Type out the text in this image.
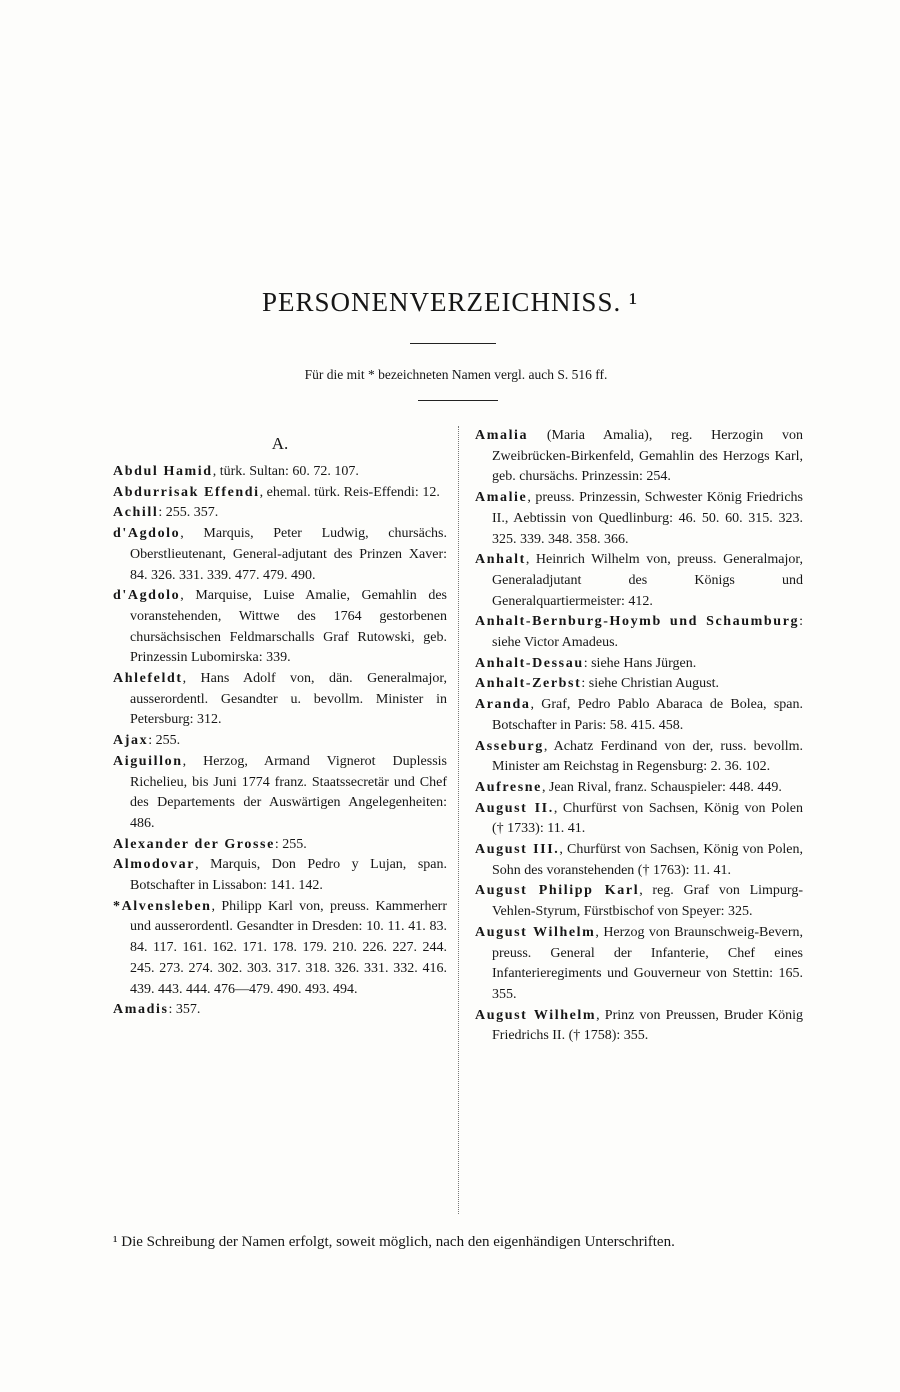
PERSONENVERZEICHNISS. ¹
Für die mit * bezeichneten Namen vergl. auch S. 516 ff.
A.

Abdul Hamid, türk. Sultan: 60. 72. 107.

Abdurrisak Effendi, ehemal. türk. Reis-Effendi: 12.

Achill: 255. 357.

d'Agdolo, Marquis, Peter Ludwig, chursächs. Oberstlieutenant, General-adjutant des Prinzen Xaver: 84. 326. 331. 339. 477. 479. 490.

d'Agdolo, Marquise, Luise Amalie, Gemahlin des voranstehenden, Wittwe des 1764 gestorbenen chursächsischen Feldmarschalls Graf Rutowski, geb. Prinzessin Lubomirska: 339.

Ahlefeldt, Hans Adolf von, dän. Generalmajor, ausserordentl. Gesandter u. bevollm. Minister in Petersburg: 312.

Ajax: 255.

Aiguillon, Herzog, Armand Vignerot Duplessis Richelieu, bis Juni 1774 franz. Staatssecretär und Chef des Departements der Auswärtigen Angelegenheiten: 486.

Alexander der Grosse: 255.

Almodovar, Marquis, Don Pedro y Lujan, span. Botschafter in Lissabon: 141. 142.

*Alvensleben, Philipp Karl von, preuss. Kammerherr und ausserordentl. Gesandter in Dresden: 10. 11. 41. 83. 84. 117. 161. 162. 171. 178. 179. 210. 226. 227. 244. 245. 273. 274. 302. 303. 317. 318. 326. 331. 332. 416. 439. 443. 444. 476—479. 490. 493. 494.

Amadis: 357.

Amalia (Maria Amalia), reg. Herzogin von Zweibrücken-Birkenfeld, Gemahlin des Herzogs Karl, geb. chursächs. Prinzessin: 254.

Amalie, preuss. Prinzessin, Schwester König Friedrichs II., Aebtissin von Quedlinburg: 46. 50. 60. 315. 323. 325. 339. 348. 358. 366.

Anhalt, Heinrich Wilhelm von, preuss. Generalmajor, Generaladjutant des Königs und Generalquartiermeister: 412.

Anhalt-Bernburg-Hoymb und Schaumburg: siehe Victor Amadeus.

Anhalt-Dessau: siehe Hans Jürgen.

Anhalt-Zerbst: siehe Christian August.

Aranda, Graf, Pedro Pablo Abaraca de Bolea, span. Botschafter in Paris: 58. 415. 458.

Asseburg, Achatz Ferdinand von der, russ. bevollm. Minister am Reichstag in Regensburg: 2. 36. 102.

Aufresne, Jean Rival, franz. Schauspieler: 448. 449.

August II., Churfürst von Sachsen, König von Polen († 1733): 11. 41.

August III., Churfürst von Sachsen, König von Polen, Sohn des voranstehenden († 1763): 11. 41.

August Philipp Karl, reg. Graf von Limpurg-Vehlen-Styrum, Fürstbischof von Speyer: 325.

August Wilhelm, Herzog von Braunschweig-Bevern, preuss. General der Infanterie, Chef eines Infanterieregiments und Gouverneur von Stettin: 165. 355.

August Wilhelm, Prinz von Preussen, Bruder König Friedrichs II. († 1758): 355.

¹ Die Schreibung der Namen erfolgt, soweit möglich, nach den eigenhändigen Unterschriften.
